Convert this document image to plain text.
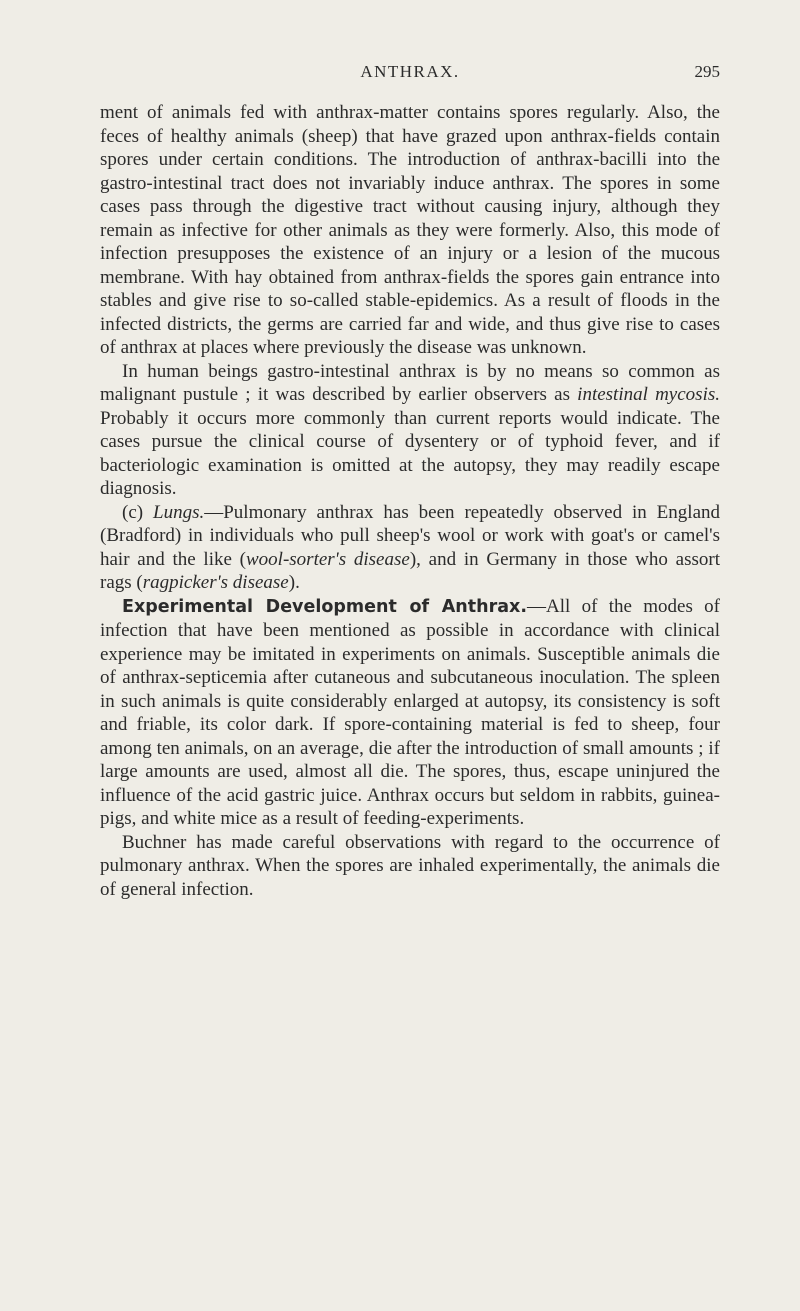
ANTHRAX.	295

ment of animals fed with anthrax-matter contains spores regularly. Also, the feces of healthy animals (sheep) that have grazed upon anthrax-fields contain spores under certain conditions. The introduction of anthrax-bacilli into the gastro-intestinal tract does not invariably induce anthrax. The spores in some cases pass through the digestive tract without causing injury, although they remain as infective for other animals as they were formerly. Also, this mode of infection presupposes the existence of an injury or a lesion of the mucous membrane. With hay obtained from anthrax-fields the spores gain entrance into stables and give rise to so-called stable-epidemics. As a result of floods in the infected districts, the germs are carried far and wide, and thus give rise to cases of anthrax at places where previously the disease was unknown.

In human beings gastro-intestinal anthrax is by no means so common as malignant pustule ; it was described by earlier observers as intestinal mycosis. Probably it occurs more commonly than current reports would indicate. The cases pursue the clinical course of dysentery or of typhoid fever, and if bacteriologic examination is omitted at the autopsy, they may readily escape diagnosis.

(c) Lungs.—Pulmonary anthrax has been repeatedly observed in England (Bradford) in individuals who pull sheep's wool or work with goat's or camel's hair and the like (wool-sorter's disease), and in Germany in those who assort rags (ragpicker's disease).

Experimental Development of Anthrax.—All of the modes of infection that have been mentioned as possible in accordance with clinical experience may be imitated in experiments on animals. Susceptible animals die of anthrax-septicemia after cutaneous and subcutaneous inoculation. The spleen in such animals is quite considerably enlarged at autopsy, its consistency is soft and friable, its color dark. If spore-containing material is fed to sheep, four among ten animals, on an average, die after the introduction of small amounts ; if large amounts are used, almost all die. The spores, thus, escape uninjured the influence of the acid gastric juice. Anthrax occurs but seldom in rabbits, guinea-pigs, and white mice as a result of feeding-experiments.

Buchner has made careful observations with regard to the occurrence of pulmonary anthrax. When the spores are inhaled experimentally, the animals die of general infection.
